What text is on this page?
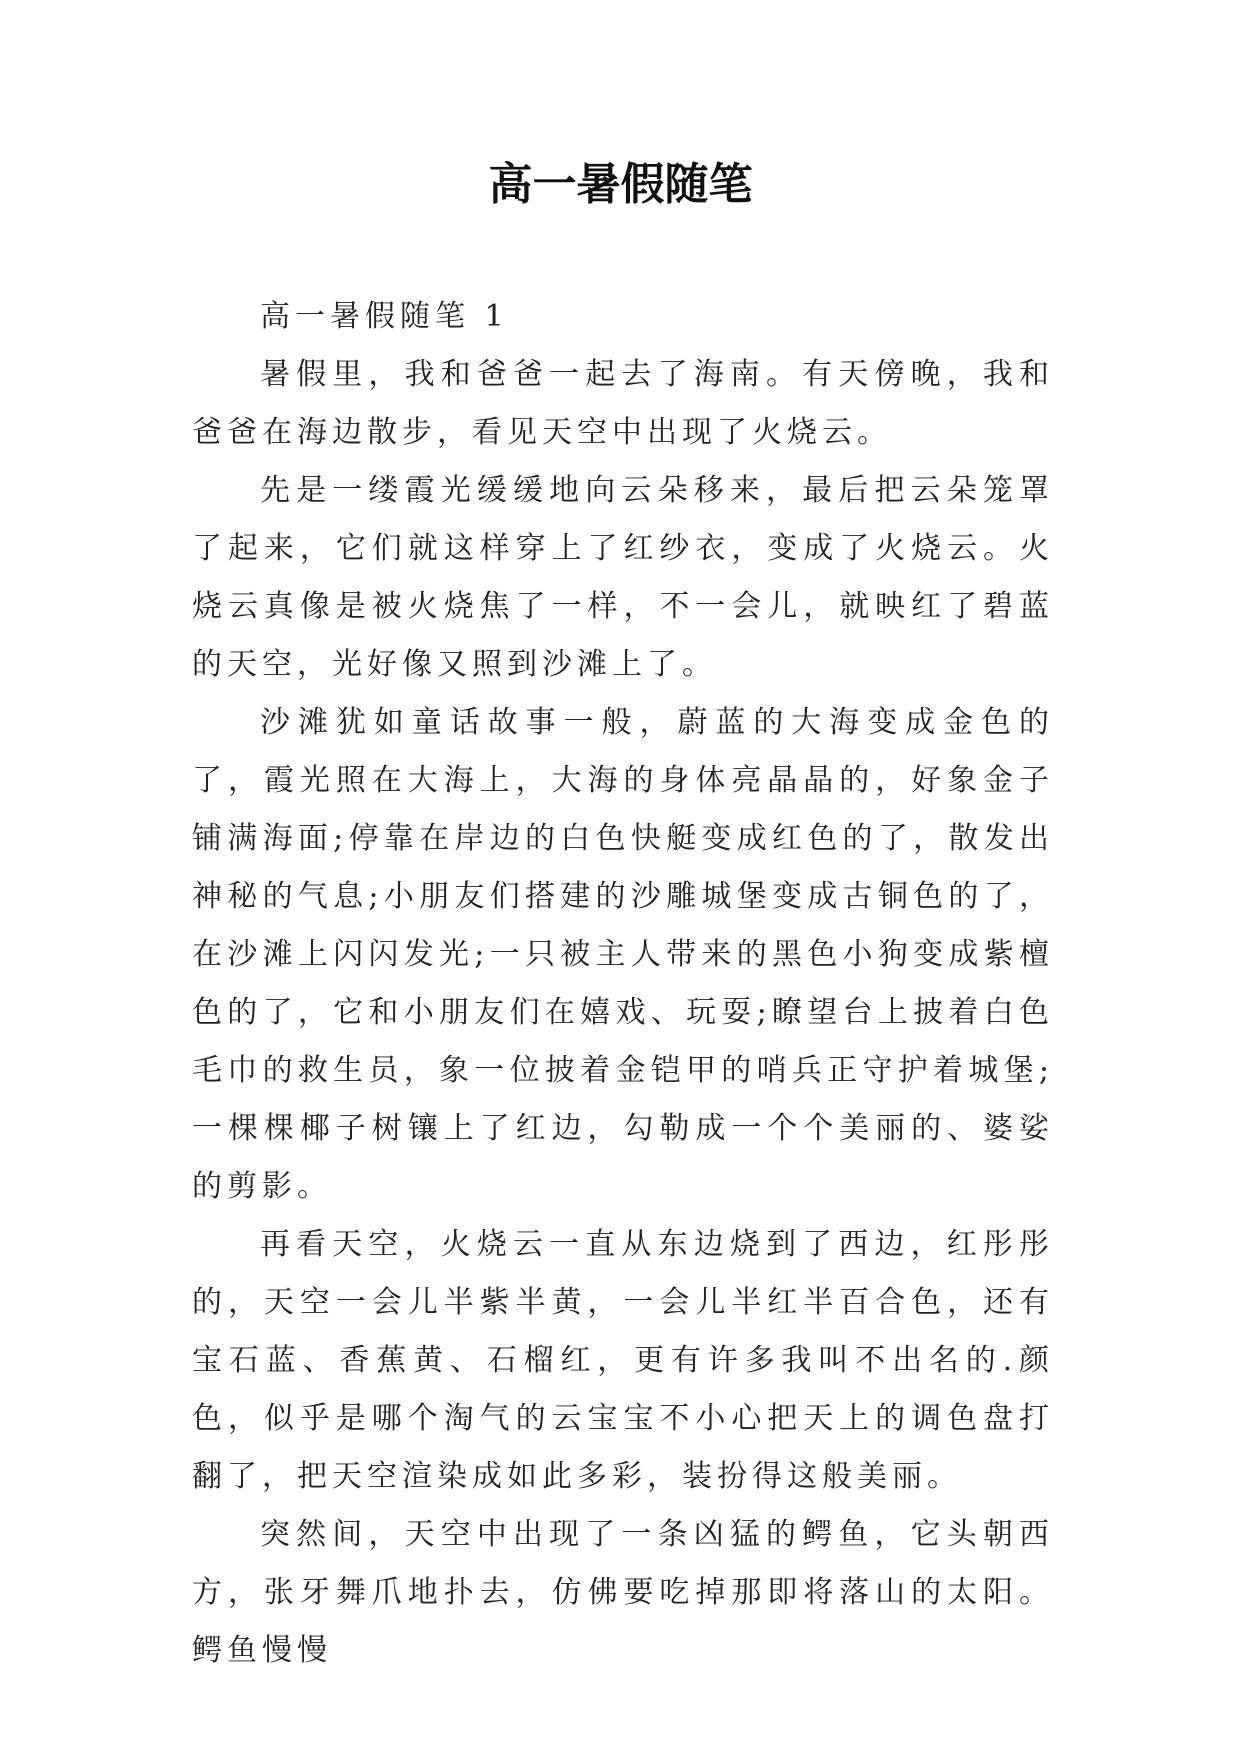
高一暑假随笔

高一暑假随笔 1

暑假里，我和爸爸一起去了海南。有天傍晚，我和爸爸在海边散步，看见天空中出现了火烧云。

先是一缕霞光缓缓地向云朵移来，最后把云朵笼罩了起来，它们就这样穿上了红纱衣，变成了火烧云。火烧云真像是被火烧焦了一样，不一会儿，就映红了碧蓝的天空，光好像又照到沙滩上了。

沙滩犹如童话故事一般，蔚蓝的大海变成金色的了，霞光照在大海上，大海的身体亮晶晶的，好象金子铺满海面;停靠在岸边的白色快艇变成红色的了，散发出神秘的气息;小朋友们搭建的沙雕城堡变成古铜色的了，在沙滩上闪闪发光;一只被主人带来的黑色小狗变成紫檀色的了，它和小朋友们在嬉戏、玩耍;瞭望台上披着白色毛巾的救生员，象一位披着金铠甲的哨兵正守护着城堡;一棵棵椰子树镶上了红边，勾勒成一个个美丽的、婆娑的剪影。

再看天空，火烧云一直从东边烧到了西边，红彤彤的，天空一会儿半紫半黄，一会儿半红半百合色，还有宝石蓝、香蕉黄、石榴红，更有许多我叫不出名的.颜色，似乎是哪个淘气的云宝宝不小心把天上的调色盘打翻了，把天空渲染成如此多彩，装扮得这般美丽。

突然间，天空中出现了一条凶猛的鳄鱼，它头朝西方，张牙舞爪地扑去，仿佛要吃掉那即将落山的太阳。鳄鱼慢慢
